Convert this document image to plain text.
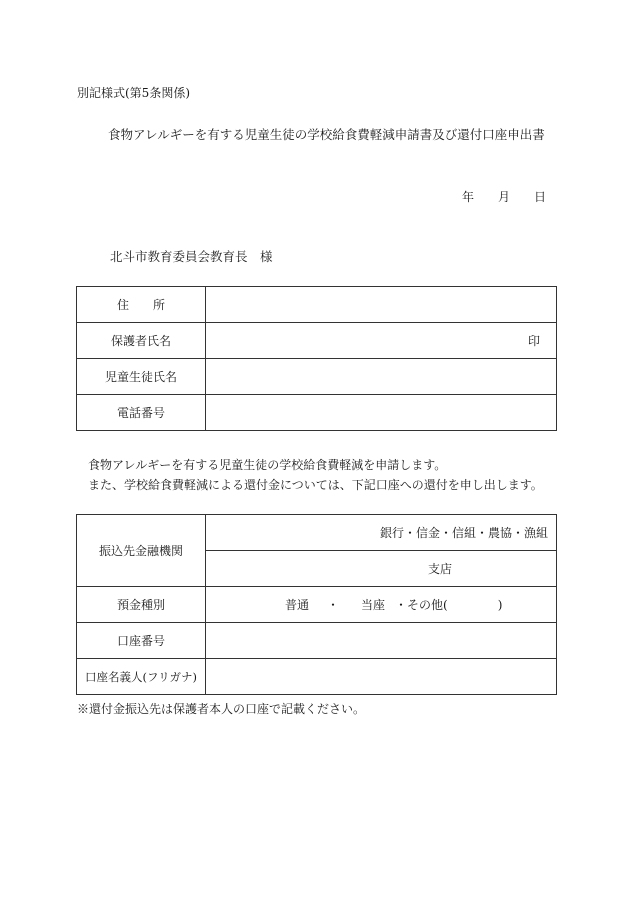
別記様式(第5条関係)
食物アレルギーを有する児童生徒の学校給食費軽減申請書及び還付口座申出書
年 月 日
北斗市教育委員会教育長　様
住　　所	
保護者氏名	印
児童生徒氏名	
電話番号	
食物アレルギーを有する児童生徒の学校給食費軽減を申請します。
また、学校給食費軽減による還付金については、下記口座への還付を申し出します。
振込先金融機関	銀行・信金・信組・農協・漁組
	支店
預金種別	普通 ・ 当座 ・その他( )
口座番号	
口座名義人(フリガナ)	
※還付金振込先は保護者本人の口座で記載ください。
